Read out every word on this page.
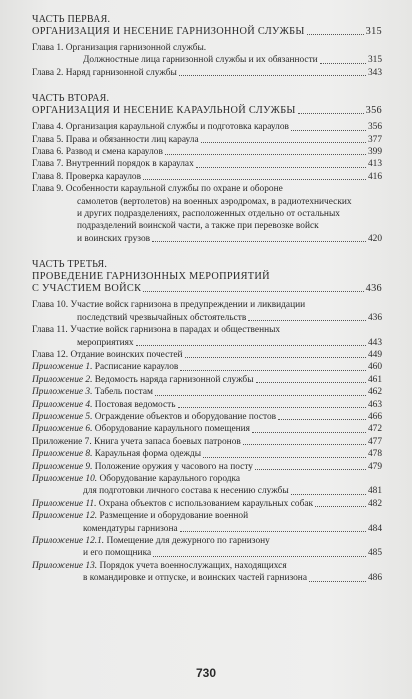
ЧАСТЬ ПЕРВАЯ.
ОРГАНИЗАЦИЯ И НЕСЕНИЕ ГАРНИЗОННОЙ СЛУЖБЫ	315
Глава 1. Организация гарнизонной службы.
Должностные лица гарнизонной службы и их обязанности	315
Глава 2. Наряд гарнизонной службы	343
ЧАСТЬ ВТОРАЯ.
ОРГАНИЗАЦИЯ И НЕСЕНИЕ КАРАУЛЬНОЙ СЛУЖБЫ	356
Глава 4. Организация караульной службы и подготовка караулов	356
Глава 5. Права и обязанности лиц караула	377
Глава 6. Развод и смена караулов	399
Глава 7. Внутренний порядок в караулах	413
Глава 8. Проверка караулов	416
Глава 9. Особенности караульной службы по охране и обороне
самолетов (вертолетов) на военных аэродромах, в радиотехнических
и других подразделениях, расположенных отдельно от остальных
подразделений воинской части, а также при перевозке войск
и воинских грузов	420
ЧАСТЬ ТРЕТЬЯ.
ПРОВЕДЕНИЕ ГАРНИЗОННЫХ МЕРОПРИЯТИЙ
С УЧАСТИЕМ ВОЙСК	436
Глава 10. Участие войск гарнизона в предупреждении и ликвидации
последствий чрезвычайных обстоятельств	436
Глава 11. Участие войск гарнизона в парадах и общественных
мероприятиях	443
Глава 12. Отдание воинских почестей	449
Приложение 1. Расписание караулов	460
Приложение 2. Ведомость наряда гарнизонной службы	461
Приложение 3. Табель постам	462
Приложение 4. Постовая ведомость	463
Приложение 5. Ограждение объектов и оборудование постов	466
Приложение 6. Оборудование караульного помещения	472
Приложение 7. Книга учета запаса боевых патронов	477
Приложение 8. Караульная форма одежды	478
Приложение 9. Положение оружия у часового на посту	479
Приложение 10. Оборудование караульного городка
для подготовки личного состава к несению службы	481
Приложение 11. Охрана объектов с использованием караульных собак	482
Приложение 12. Размещение и оборудование военной
комендатуры гарнизона	484
Приложение 12.1. Помещение для дежурного по гарнизону
и его помощника	485
Приложение 13. Порядок учета военнослужащих, находящихся
в командировке и отпуске, и воинских частей гарнизона	486
730
